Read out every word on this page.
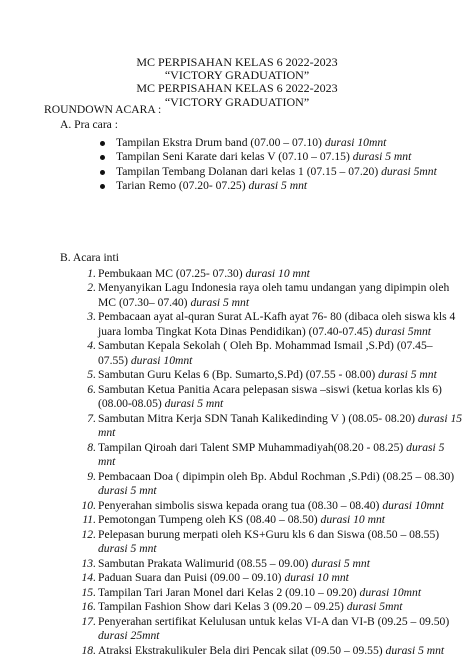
MC PERPISAHAN KELAS 6 2022-2023
“VICTORY GRADUATION”
MC PERPISAHAN KELAS 6 2022-2023
“VICTORY GRADUATION”
ROUNDOWN ACARA :
A. Pra cara :
Tampilan Ekstra Drum band (07.00 – 07.10) durasi 10mnt
Tampilan Seni Karate dari kelas V (07.10 – 07.15) durasi 5 mnt
Tampilan Tembang Dolanan dari kelas 1 (07.15 – 07.20) durasi 5mnt
Tarian Remo (07.20- 07.25) durasi 5 mnt
B. Acara inti
1. Pembukaan MC (07.25- 07.30) durasi 10 mnt
2. Menyanyikan Lagu Indonesia raya oleh tamu undangan yang dipimpin oleh MC (07.30– 07.40) durasi 5 mnt
3. Pembacaan ayat al-quran Surat AL-Kafh ayat 76- 80 (dibaca oleh siswa kls 4 juara lomba Tingkat Kota Dinas Pendidikan) (07.40-07.45) durasi 5mnt
4. Sambutan Kepala Sekolah ( Oleh Bp. Mohammad Ismail ,S.Pd) (07.45– 07.55) durasi 10mnt
5. Sambutan Guru Kelas 6 (Bp. Sumarto,S.Pd) (07.55 - 08.00) durasi 5 mnt
6. Sambutan Ketua Panitia Acara pelepasan siswa –siswi (ketua korlas kls 6) (08.00-08.05) durasi 5 mnt
7. Sambutan Mitra Kerja SDN Tanah Kalikedinding V ) (08.05- 08.20) durasi 15 mnt
8. Tampilan Qiroah dari Talent SMP Muhammadiyah(08.20 - 08.25) durasi 5 mnt
9. Pembacaan Doa ( dipimpin oleh Bp. Abdul Rochman ,S.Pdi) (08.25 – 08.30) durasi 5 mnt
10. Penyerahan simbolis siswa kepada orang tua (08.30 – 08.40) durasi 10mnt
11. Pemotongan Tumpeng oleh KS (08.40 – 08.50) durasi 10 mnt
12. Pelepasan burung merpati oleh KS+Guru kls 6 dan Siswa (08.50 – 08.55) durasi 5 mnt
13. Sambutan Prakata Walimurid (08.55 – 09.00) durasi 5 mnt
14. Paduan Suara dan Puisi (09.00 – 09.10) durasi 10 mnt
15. Tampilan Tari Jaran Monel dari Kelas 2 (09.10 – 09.20) durasi 10mnt
16. Tampilan Fashion Show dari Kelas 3 (09.20 – 09.25) durasi 5mnt
17. Penyerahan sertifikat Kelulusan untuk kelas VI-A dan VI-B (09.25 – 09.50) durasi 25mnt
18. Atraksi Ekstrakulikuler Bela diri Pencak silat (09.50 – 09.55) durasi 5 mnt
